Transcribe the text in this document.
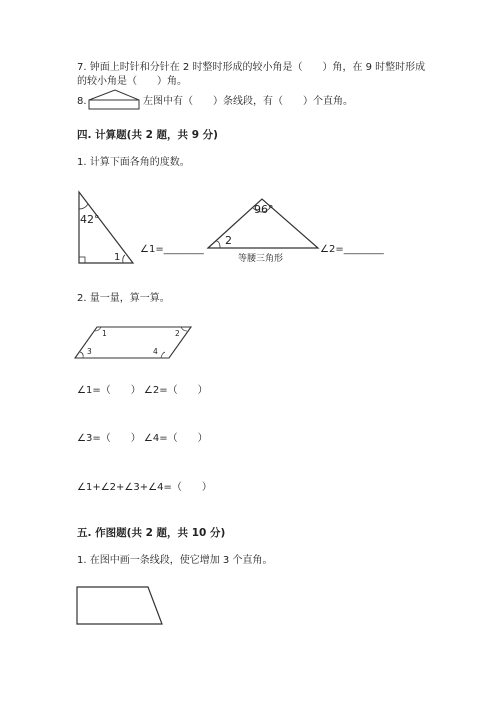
7. 钟面上时针和分针在 2 时整时形成的较小角是（　　）角，在 9 时整时形成
的较小角是（　　）角。
8.	左图中有（　　）条线段，有（　　）个直角。
四. 计算题(共 2 题，共 9 分)
1. 计算下面各角的度数。
42°
1
∠1=________
96°
2
等腰三角形
∠2=________
2. 量一量，算一算。
1	2
3	4
∠1=（　　） ∠2=（　　）
∠3=（　　） ∠4=（　　）
∠1+∠2+∠3+∠4=（　　）
五. 作图题(共 2 题，共 10 分)
1. 在图中画一条线段，使它增加 3 个直角。
